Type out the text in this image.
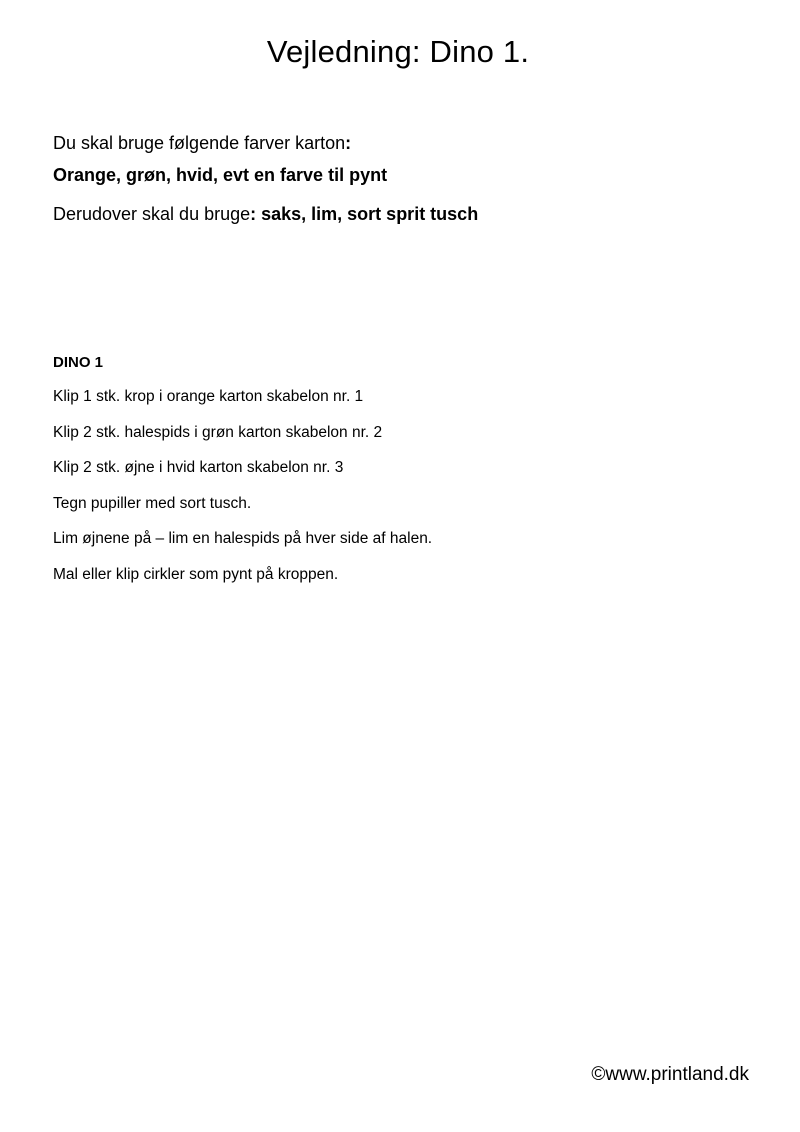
Vejledning: Dino 1.
Du skal bruge følgende farver karton:
Orange, grøn, hvid, evt en farve til pynt
Derudover skal du bruge: saks, lim, sort sprit tusch
DINO 1
Klip 1 stk. krop i orange karton skabelon nr. 1
Klip 2 stk. halespids i grøn karton skabelon nr. 2
Klip 2 stk. øjne i hvid karton skabelon nr. 3
Tegn pupiller med sort tusch.
Lim øjnene på – lim en halespids på hver side af halen.
Mal eller klip cirkler som pynt på kroppen.
©www.printland.dk
